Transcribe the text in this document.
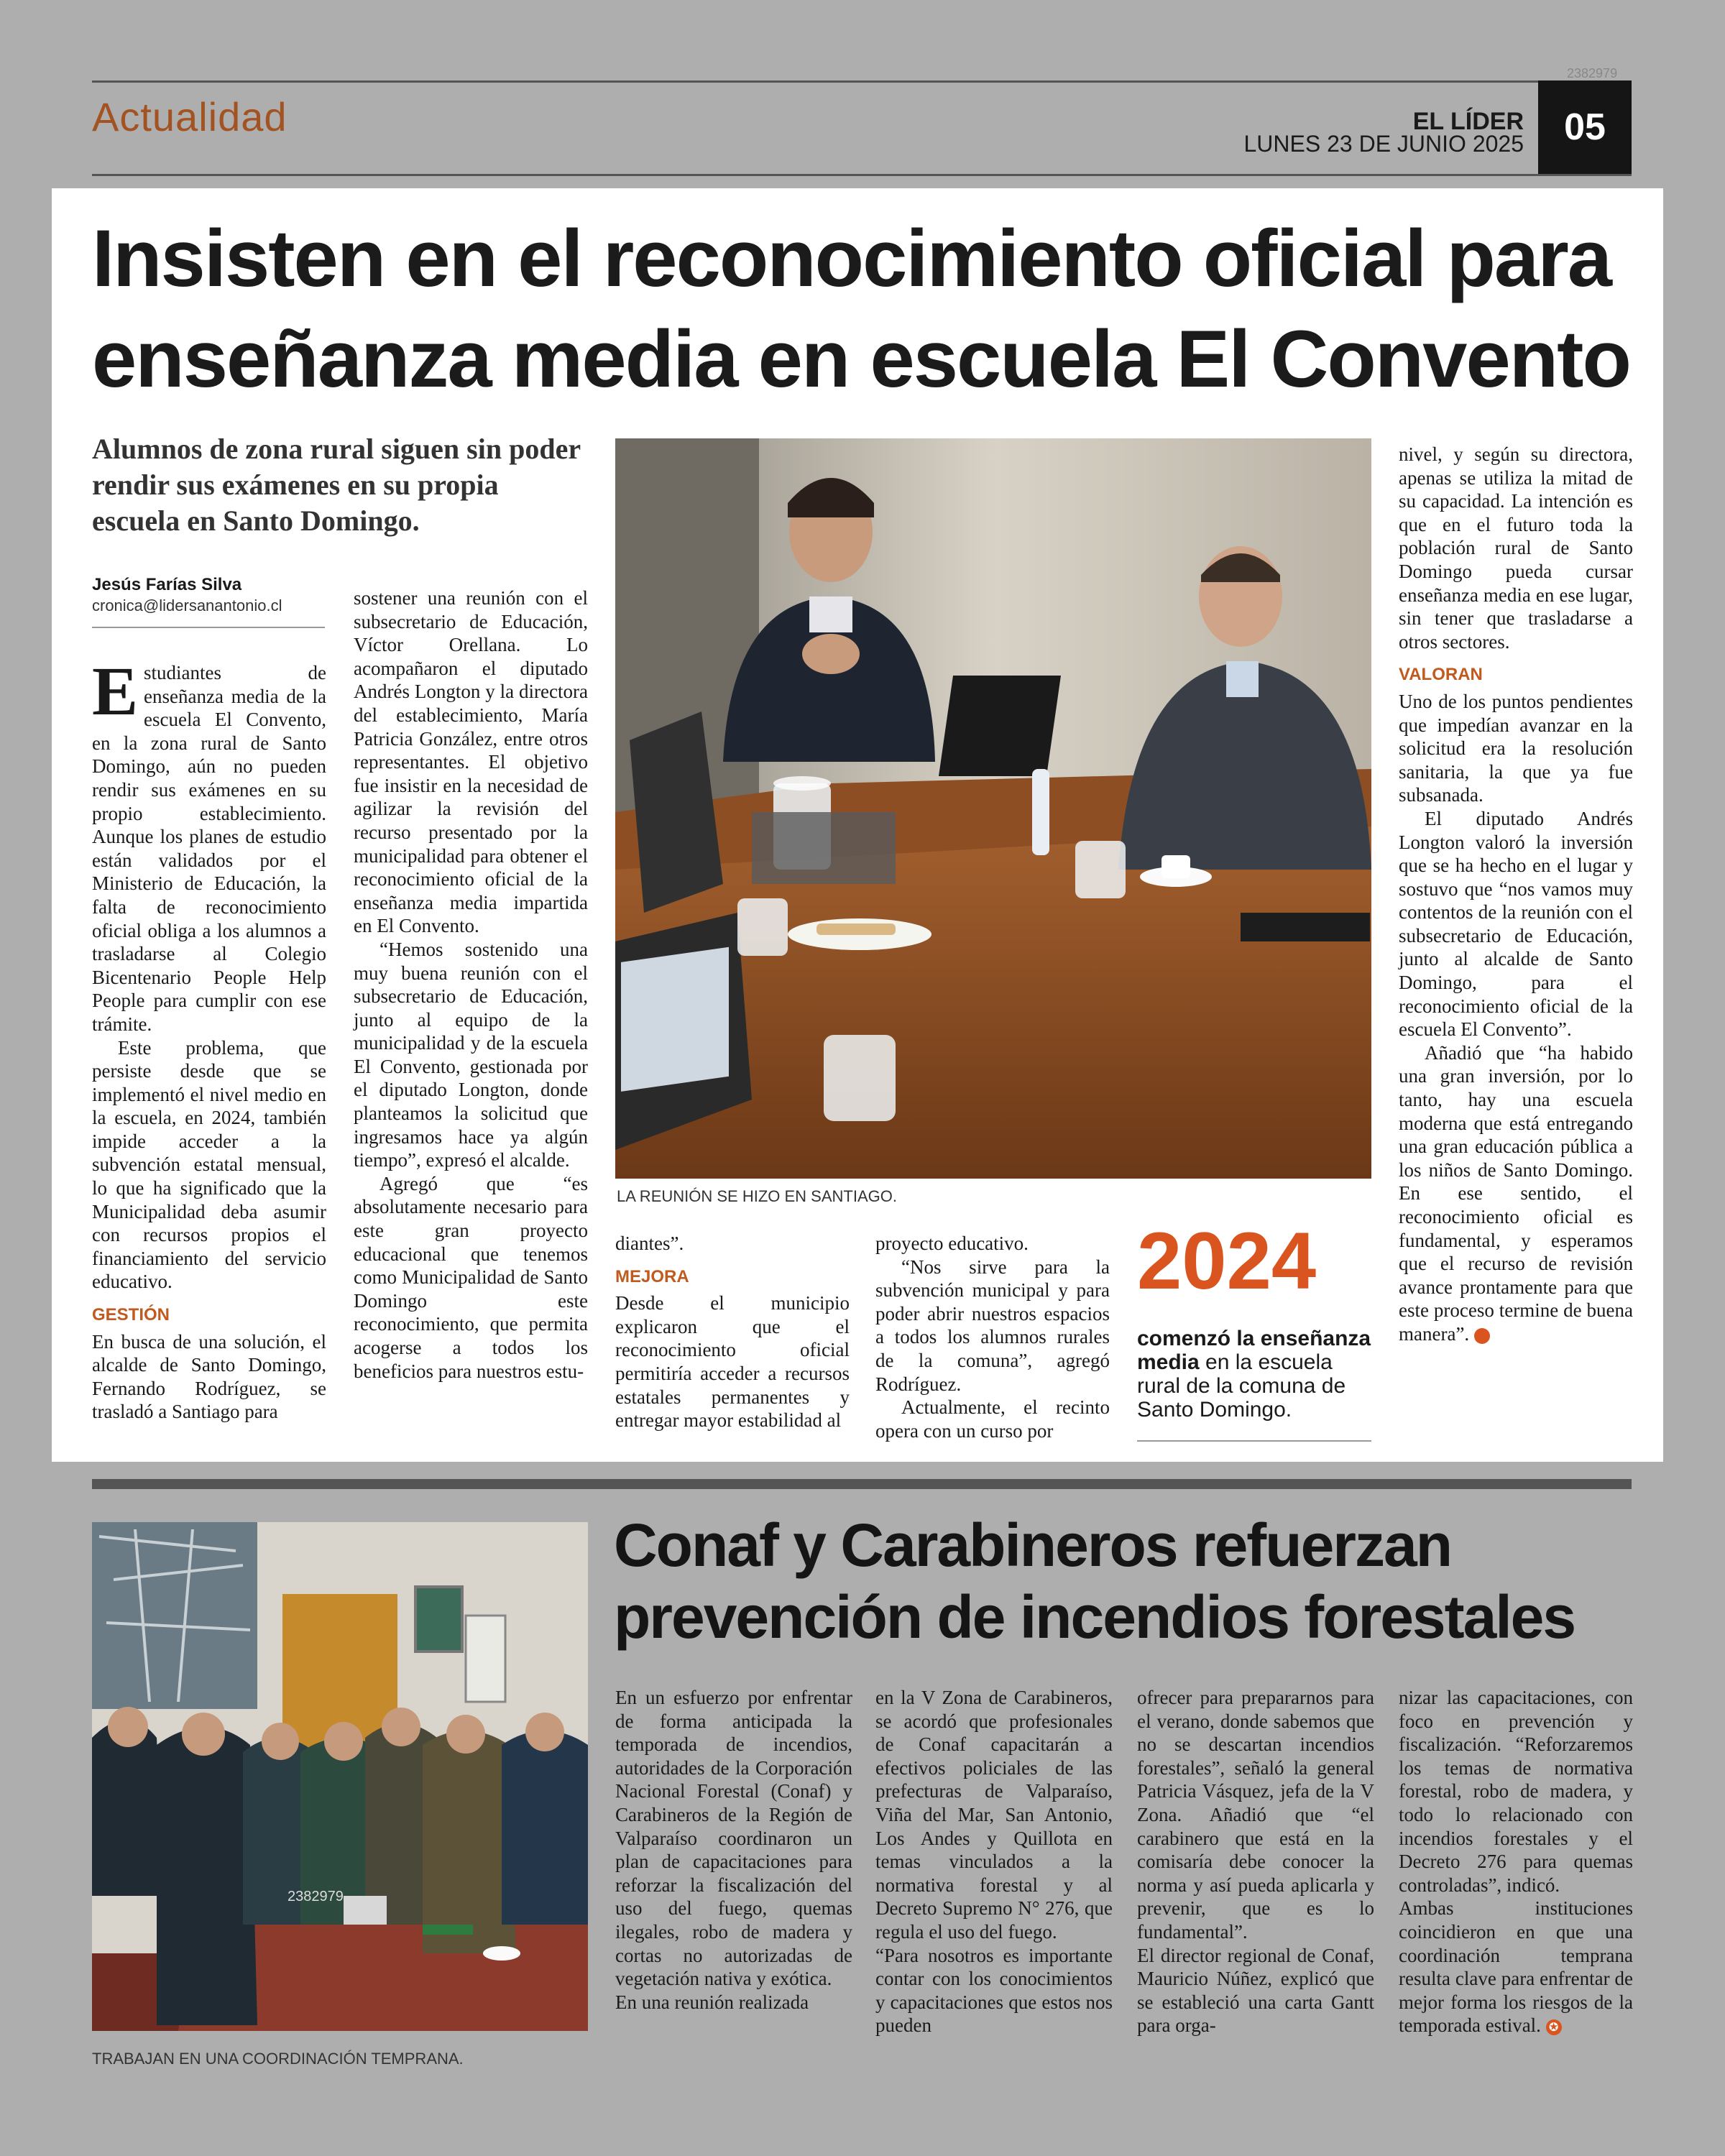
Actualidad
2382979
EL LÍDER
LUNES 23 DE JUNIO 2025	05
Insisten en el reconocimiento oficial para enseñanza media en escuela El Convento
Alumnos de zona rural siguen sin poder rendir sus exámenes en su propia escuela en Santo Domingo.
Jesús Farías Silva
cronica@lidersanantonio.cl
LA REUNIÓN SE HIZO EN SANTIAGO.

Estudiantes de enseñanza media de la escuela El Convento, en la zona rural de Santo Domingo, aún no pueden rendir sus exámenes en su propio establecimiento. Aunque los planes de estudio están validados por el Ministerio de Educación, la falta de reconocimiento oficial obliga a los alumnos a trasladarse al Colegio Bicentenario People Help People para cumplir con ese trámite.

Este problema, que persiste desde que se implementó el nivel medio en la escuela, en 2024, también impide acceder a la subvención estatal mensual, lo que ha significado que la Municipalidad deba asumir con recursos propios el financiamiento del servicio educativo.

GESTIÓN

En busca de una solución, el alcalde de Santo Domingo, Fernando Rodríguez, se trasladó a Santiago para

sostener una reunión con el subsecretario de Educación, Víctor Orellana. Lo acompañaron el diputado Andrés Longton y la directora del establecimiento, María Patricia González, entre otros representantes. El objetivo fue insistir en la necesidad de agilizar la revisión del recurso presentado por la municipalidad para obtener el reconocimiento oficial de la enseñanza media impartida en El Convento.

“Hemos sostenido una muy buena reunión con el subsecretario de Educación, junto al equipo de la municipalidad y de la escuela El Convento, gestionada por el diputado Longton, donde planteamos la solicitud que ingresamos hace ya algún tiempo”, expresó el alcalde.

Agregó que “es absolutamente necesario para este gran proyecto educacional que tenemos como Municipalidad de Santo Domingo este reconocimiento, que permita acogerse a todos los beneficios para nuestros estu-

diantes”.

MEJORA

Desde el municipio explicaron que el reconocimiento oficial permitiría acceder a recursos estatales permanentes y entregar mayor estabilidad al

proyecto educativo.

“Nos sirve para la subvención municipal y para poder abrir nuestros espacios a todos los alumnos rurales de la comuna”, agregó Rodríguez.

Actualmente, el recinto opera con un curso por

2024
comenzó la enseñanza media en la escuela rural de la comuna de Santo Domingo.

nivel, y según su directora, apenas se utiliza la mitad de su capacidad. La intención es que en el futuro toda la población rural de Santo Domingo pueda cursar enseñanza media en ese lugar, sin tener que trasladarse a otros sectores.

VALORAN

Uno de los puntos pendientes que impedían avanzar en la solicitud era la resolución sanitaria, la que ya fue subsanada.

El diputado Andrés Longton valoró la inversión que se ha hecho en el lugar y sostuvo que “nos vamos muy contentos de la reunión con el subsecretario de Educación, junto al alcalde de Santo Domingo, para el reconocimiento oficial de la escuela El Convento”.

Añadió que “ha habido una gran inversión, por lo tanto, hay una escuela moderna que está entregando una gran educación pública a los niños de Santo Domingo. En ese sentido, el reconocimiento oficial es fundamental, y esperamos que el recurso de revisión avance prontamente para que este proceso termine de buena manera”.	✪

2382979
TRABAJAN EN UNA COORDINACIÓN TEMPRANA.
Conaf y Carabineros refuerzan prevención de incendios forestales

En un esfuerzo por enfrentar de forma anticipada la temporada de incendios, autoridades de la Corporación Nacional Forestal (Conaf) y Carabineros de la Región de Valparaíso coordinaron un plan de capacitaciones para reforzar la fiscalización del uso del fuego, quemas ilegales, robo de madera y cortas no autorizadas de vegetación nativa y exótica.

En una reunión realizada

en la V Zona de Carabineros, se acordó que profesionales de Conaf capacitarán a efectivos policiales de las prefecturas de Valparaíso, Viña del Mar, San Antonio, Los Andes y Quillota en temas vinculados a la normativa forestal y al Decreto Supremo N° 276, que regula el uso del fuego.

“Para nosotros es importante contar con los conocimientos y capacitaciones que estos nos pueden

ofrecer para prepararnos para el verano, donde sabemos que no se descartan incendios forestales”, señaló la general Patricia Vásquez, jefa de la V Zona. Añadió que “el carabinero que está en la comisaría debe conocer la norma y así pueda aplicarla y prevenir, que es lo fundamental”.

El director regional de Conaf, Mauricio Núñez, explicó que se estableció una carta Gantt para orga-

nizar las capacitaciones, con foco en prevención y fiscalización. “Reforzaremos los temas de normativa forestal, robo de madera, y todo lo relacionado con incendios forestales y el Decreto 276 para quemas controladas”, indicó.

Ambas instituciones coincidieron en que una coordinación temprana resulta clave para enfrentar de mejor forma los riesgos de la temporada estival. ✪
